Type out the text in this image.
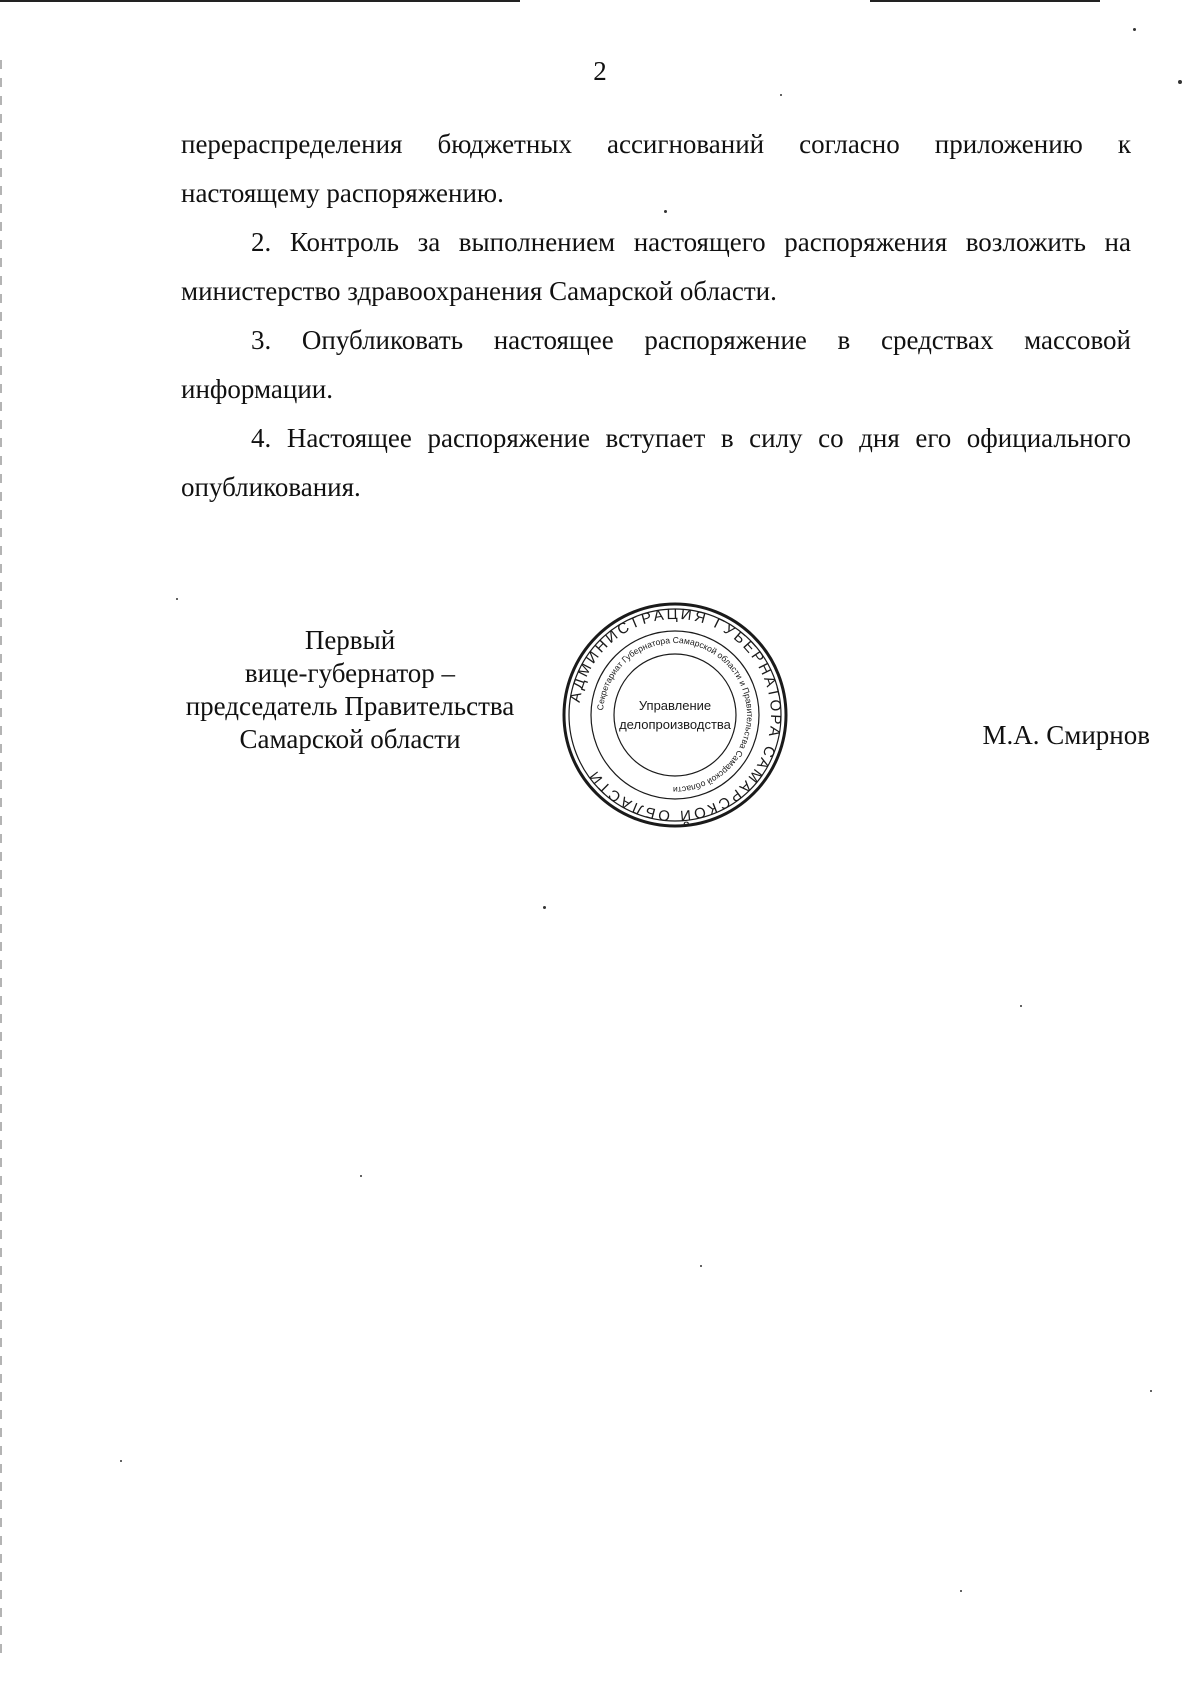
2

перераспределения бюджетных ассигнований согласно приложению к настоящему распоряжению.

2. Контроль за выполнением настоящего распоряжения возложить на министерство здравоохранения Самарской области.

3. Опубликовать настоящее распоряжение в средствах массовой информации.

4. Настоящее распоряжение вступает в силу со дня его официального опубликования.

Первый
вице-губернатор –
председатель Правительства
Самарской области
АДМИНИСТРАЦИЯ ГУБЕРНАТОРА САМАРСКОЙ ОБЛАСТИ
Секретариат Губернатора Самарской области и Правительства Самарской области
Управление
делопроизводства	М.А. Смирнов
